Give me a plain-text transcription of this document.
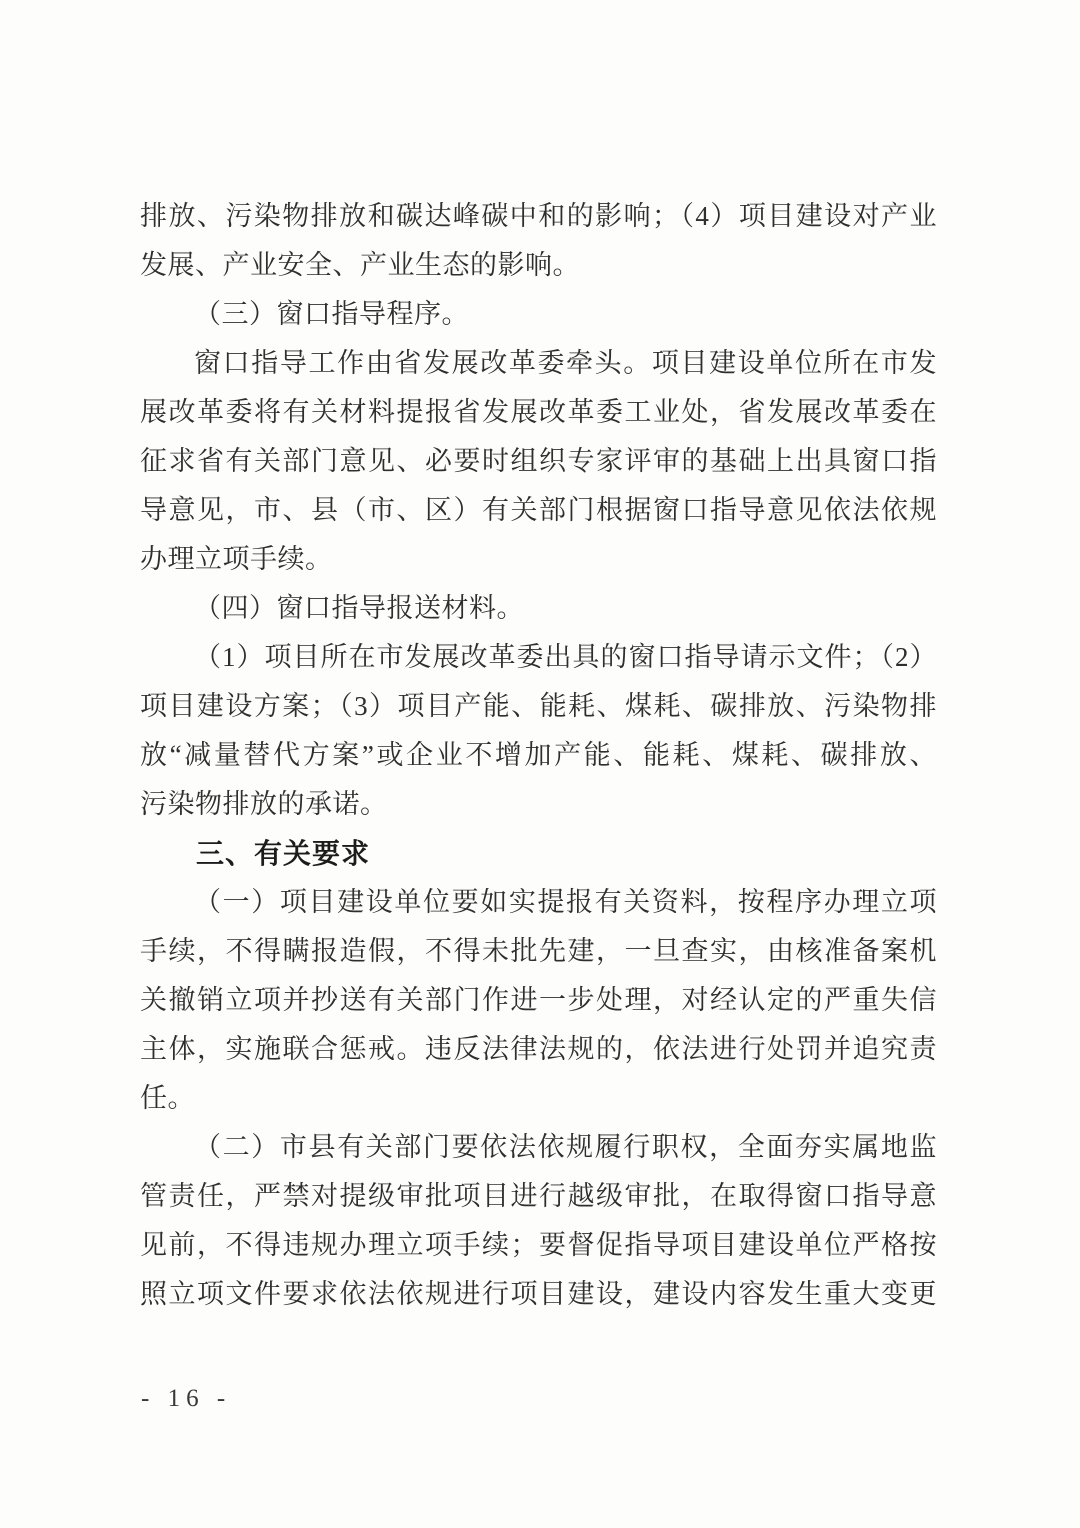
排放、污染物排放和碳达峰碳中和的影响；（4）项目建设对产业
发展、产业安全、产业生态的影响。
（三）窗口指导程序。
窗口指导工作由省发展改革委牵头。项目建设单位所在市发
展改革委将有关材料提报省发展改革委工业处，省发展改革委在
征求省有关部门意见、必要时组织专家评审的基础上出具窗口指
导意见，市、县（市、区）有关部门根据窗口指导意见依法依规
办理立项手续。
（四）窗口指导报送材料。
（1）项目所在市发展改革委出具的窗口指导请示文件；（2）
项目建设方案；（3）项目产能、能耗、煤耗、碳排放、污染物排
放“减量替代方案”或企业不增加产能、能耗、煤耗、碳排放、
污染物排放的承诺。
三、有关要求
（一）项目建设单位要如实提报有关资料，按程序办理立项
手续，不得瞒报造假，不得未批先建，一旦查实，由核准备案机
关撤销立项并抄送有关部门作进一步处理，对经认定的严重失信
主体，实施联合惩戒。违反法律法规的，依法进行处罚并追究责
任。
（二）市县有关部门要依法依规履行职权，全面夯实属地监
管责任，严禁对提级审批项目进行越级审批，在取得窗口指导意
见前，不得违规办理立项手续；要督促指导项目建设单位严格按
照立项文件要求依法依规进行项目建设，建设内容发生重大变更
- 16 -
